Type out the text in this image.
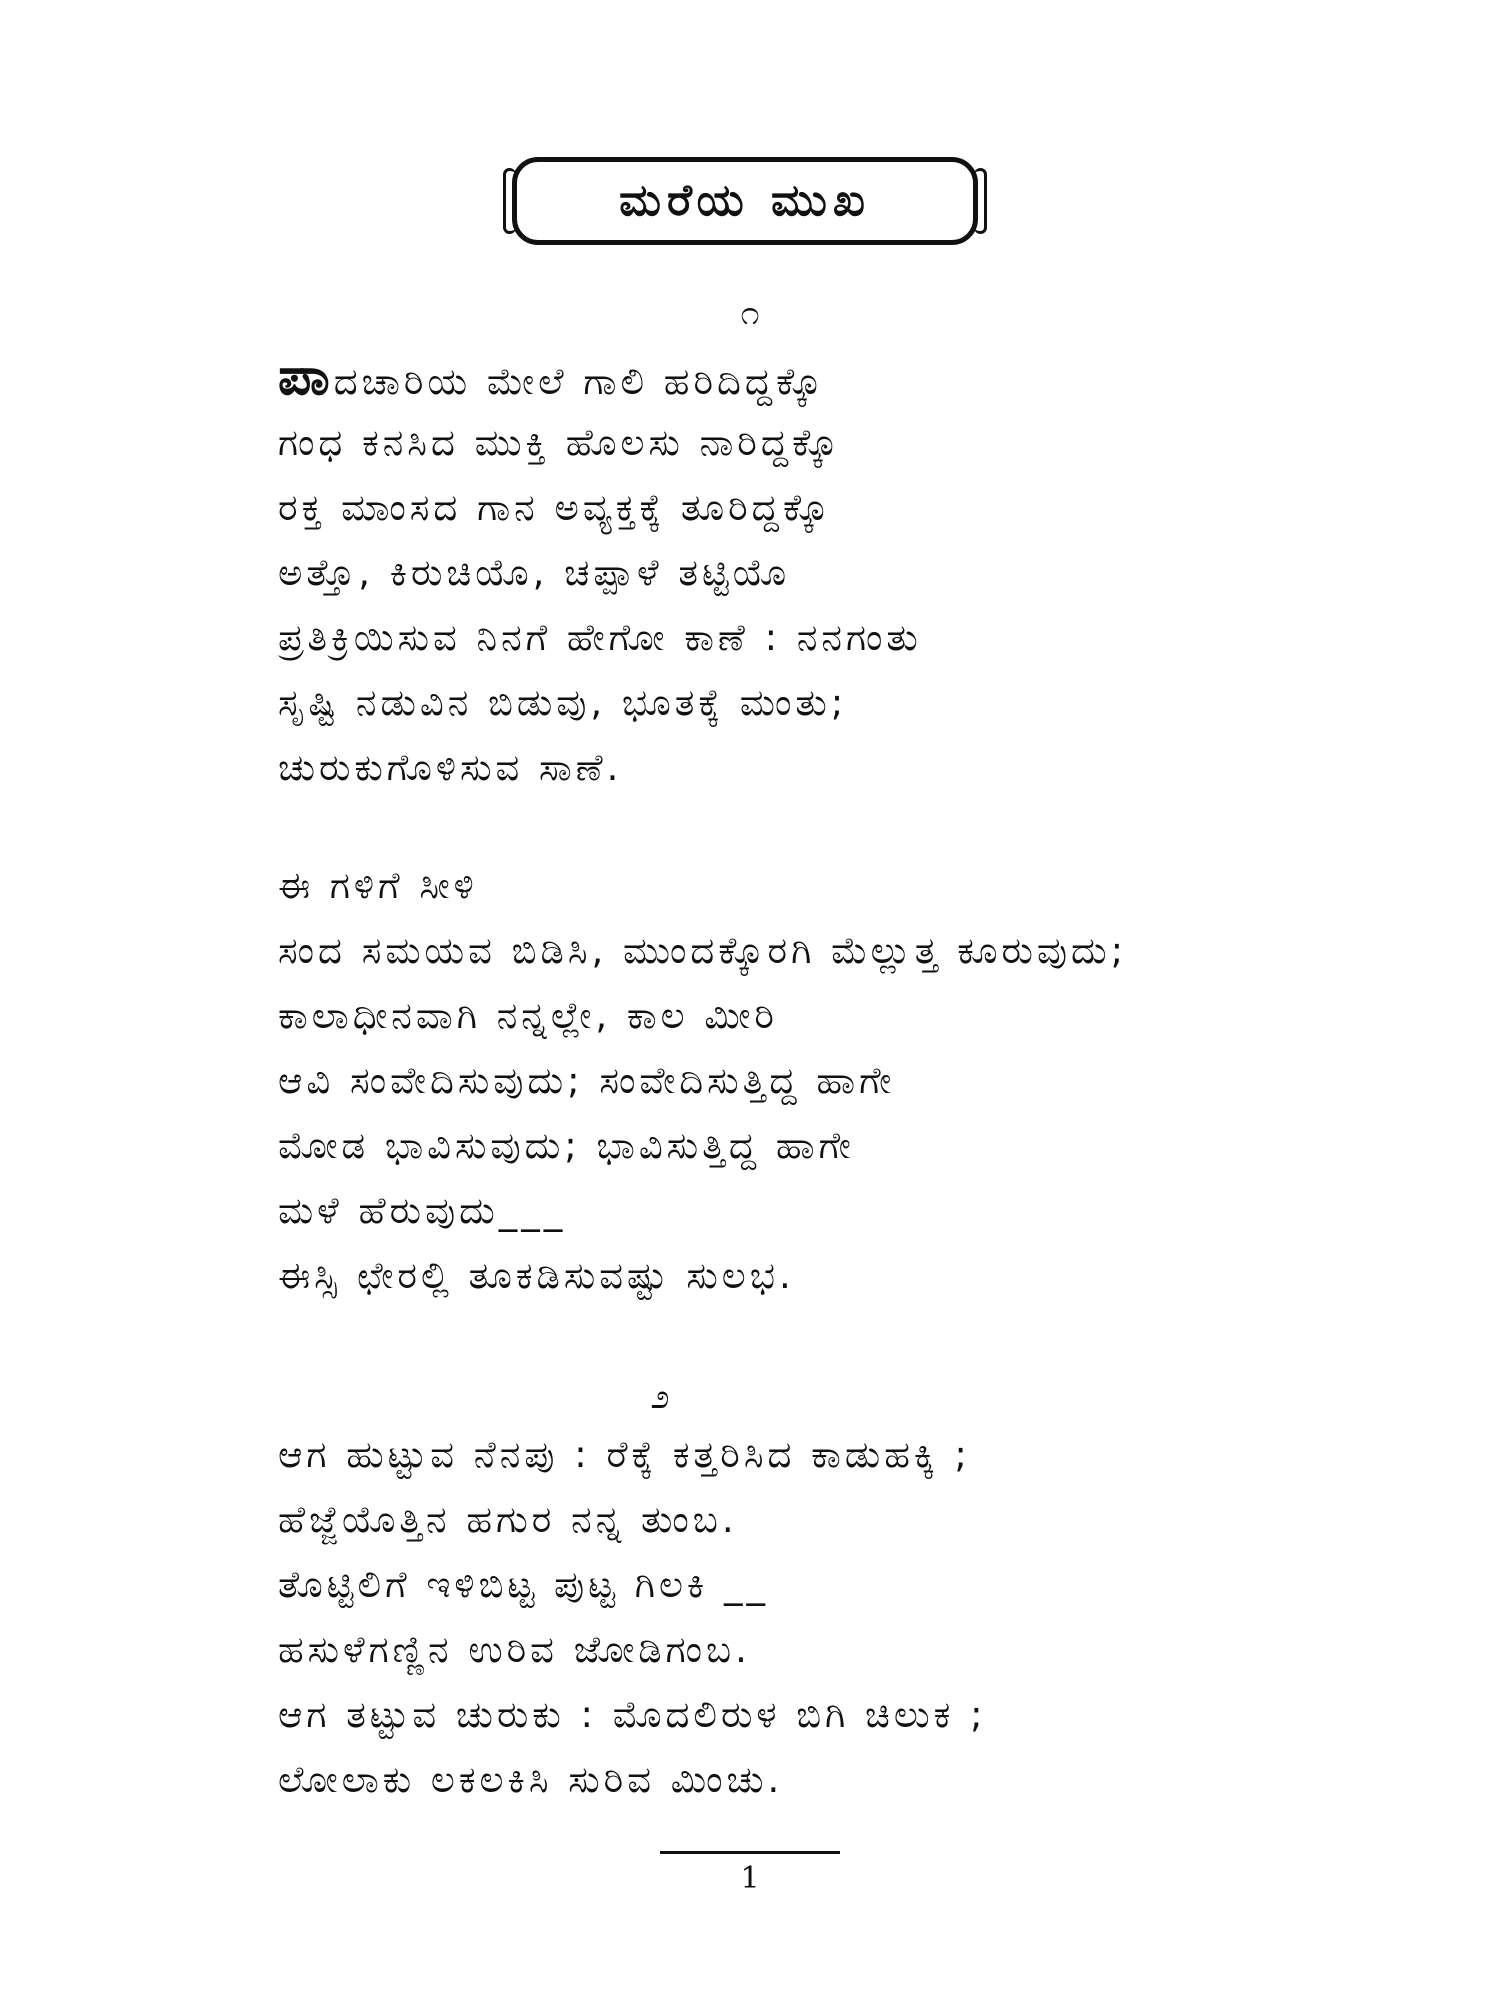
ಮರೆಯ ಮುಖ
೧
ಪಾದಚಾರಿಯ ಮೇಲೆ ಗಾಲಿ ಹರಿದಿದ್ದಕ್ಕೊ
ಗಂಧ ಕನಸಿದ ಮುಕ್ತಿ ಹೊಲಸು ನಾರಿದ್ದಕ್ಕೊ
ರಕ್ತ ಮಾಂಸದ ಗಾನ ಅವ್ಯಕ್ತಕ್ಕೆ ತೂರಿದ್ದಕ್ಕೊ
ಅತ್ತೊ, ಕಿರುಚಿಯೊ, ಚಪ್ಪಾಳೆ ತಟ್ಟಿಯೊ
ಪ್ರತಿಕ್ರಿಯಿಸುವ ನಿನಗೆ ಹೇಗೋ ಕಾಣೆ : ನನಗಂತು
ಸೃಷ್ಟಿ ನಡುವಿನ ಬಿಡುವು, ಭೂತಕ್ಕೆ ಮಂತು;
ಚುರುಕುಗೊಳಿಸುವ ಸಾಣೆ.
ಈ ಗಳಿಗೆ ಸೀಳಿ
ಸಂದ ಸಮಯವ ಬಿಡಿಸಿ, ಮುಂದಕ್ಕೊರಗಿ ಮೆಲ್ಲುತ್ತ ಕೂರುವುದು;
ಕಾಲಾಧೀನವಾಗಿ ನನ್ನಲ್ಲೇ, ಕಾಲ ಮೀರಿ
ಆವಿ ಸಂವೇದಿಸುವುದು; ಸಂವೇದಿಸುತ್ತಿದ್ದ ಹಾಗೇ
ಮೋಡ ಭಾವಿಸುವುದು; ಭಾವಿಸುತ್ತಿದ್ದ ಹಾಗೇ
ಮಳೆ ಹೆರುವುದು___
ಈಸ್ಸಿ ಛೇರಲ್ಲಿ ತೂಕಡಿಸುವಷ್ಟು ಸುಲಭ.
೨
ಆಗ ಹುಟ್ಟುವ ನೆನಪು : ರೆಕ್ಕೆ ಕತ್ತರಿಸಿದ ಕಾಡುಹಕ್ಕಿ ;
ಹೆಜ್ಜೆಯೊತ್ತಿನ ಹಗುರ ನನ್ನ ತುಂಬ.
ತೊಟ್ಟಿಲಿಗೆ ಇಳಿಬಿಟ್ಟ ಪುಟ್ಟ ಗಿಲಕಿ __
ಹಸುಳೆಗಣ್ಣಿನ ಉರಿವ ಜೋಡಿಗಂಬ.
ಆಗ ತಟ್ಟುವ ಚುರುಕು : ಮೊದಲಿರುಳ ಬಿಗಿ ಚಿಲುಕ ;
ಲೋಲಾಕು ಲಕಲಕಿಸಿ ಸುರಿವ ಮಿಂಚು.
1
